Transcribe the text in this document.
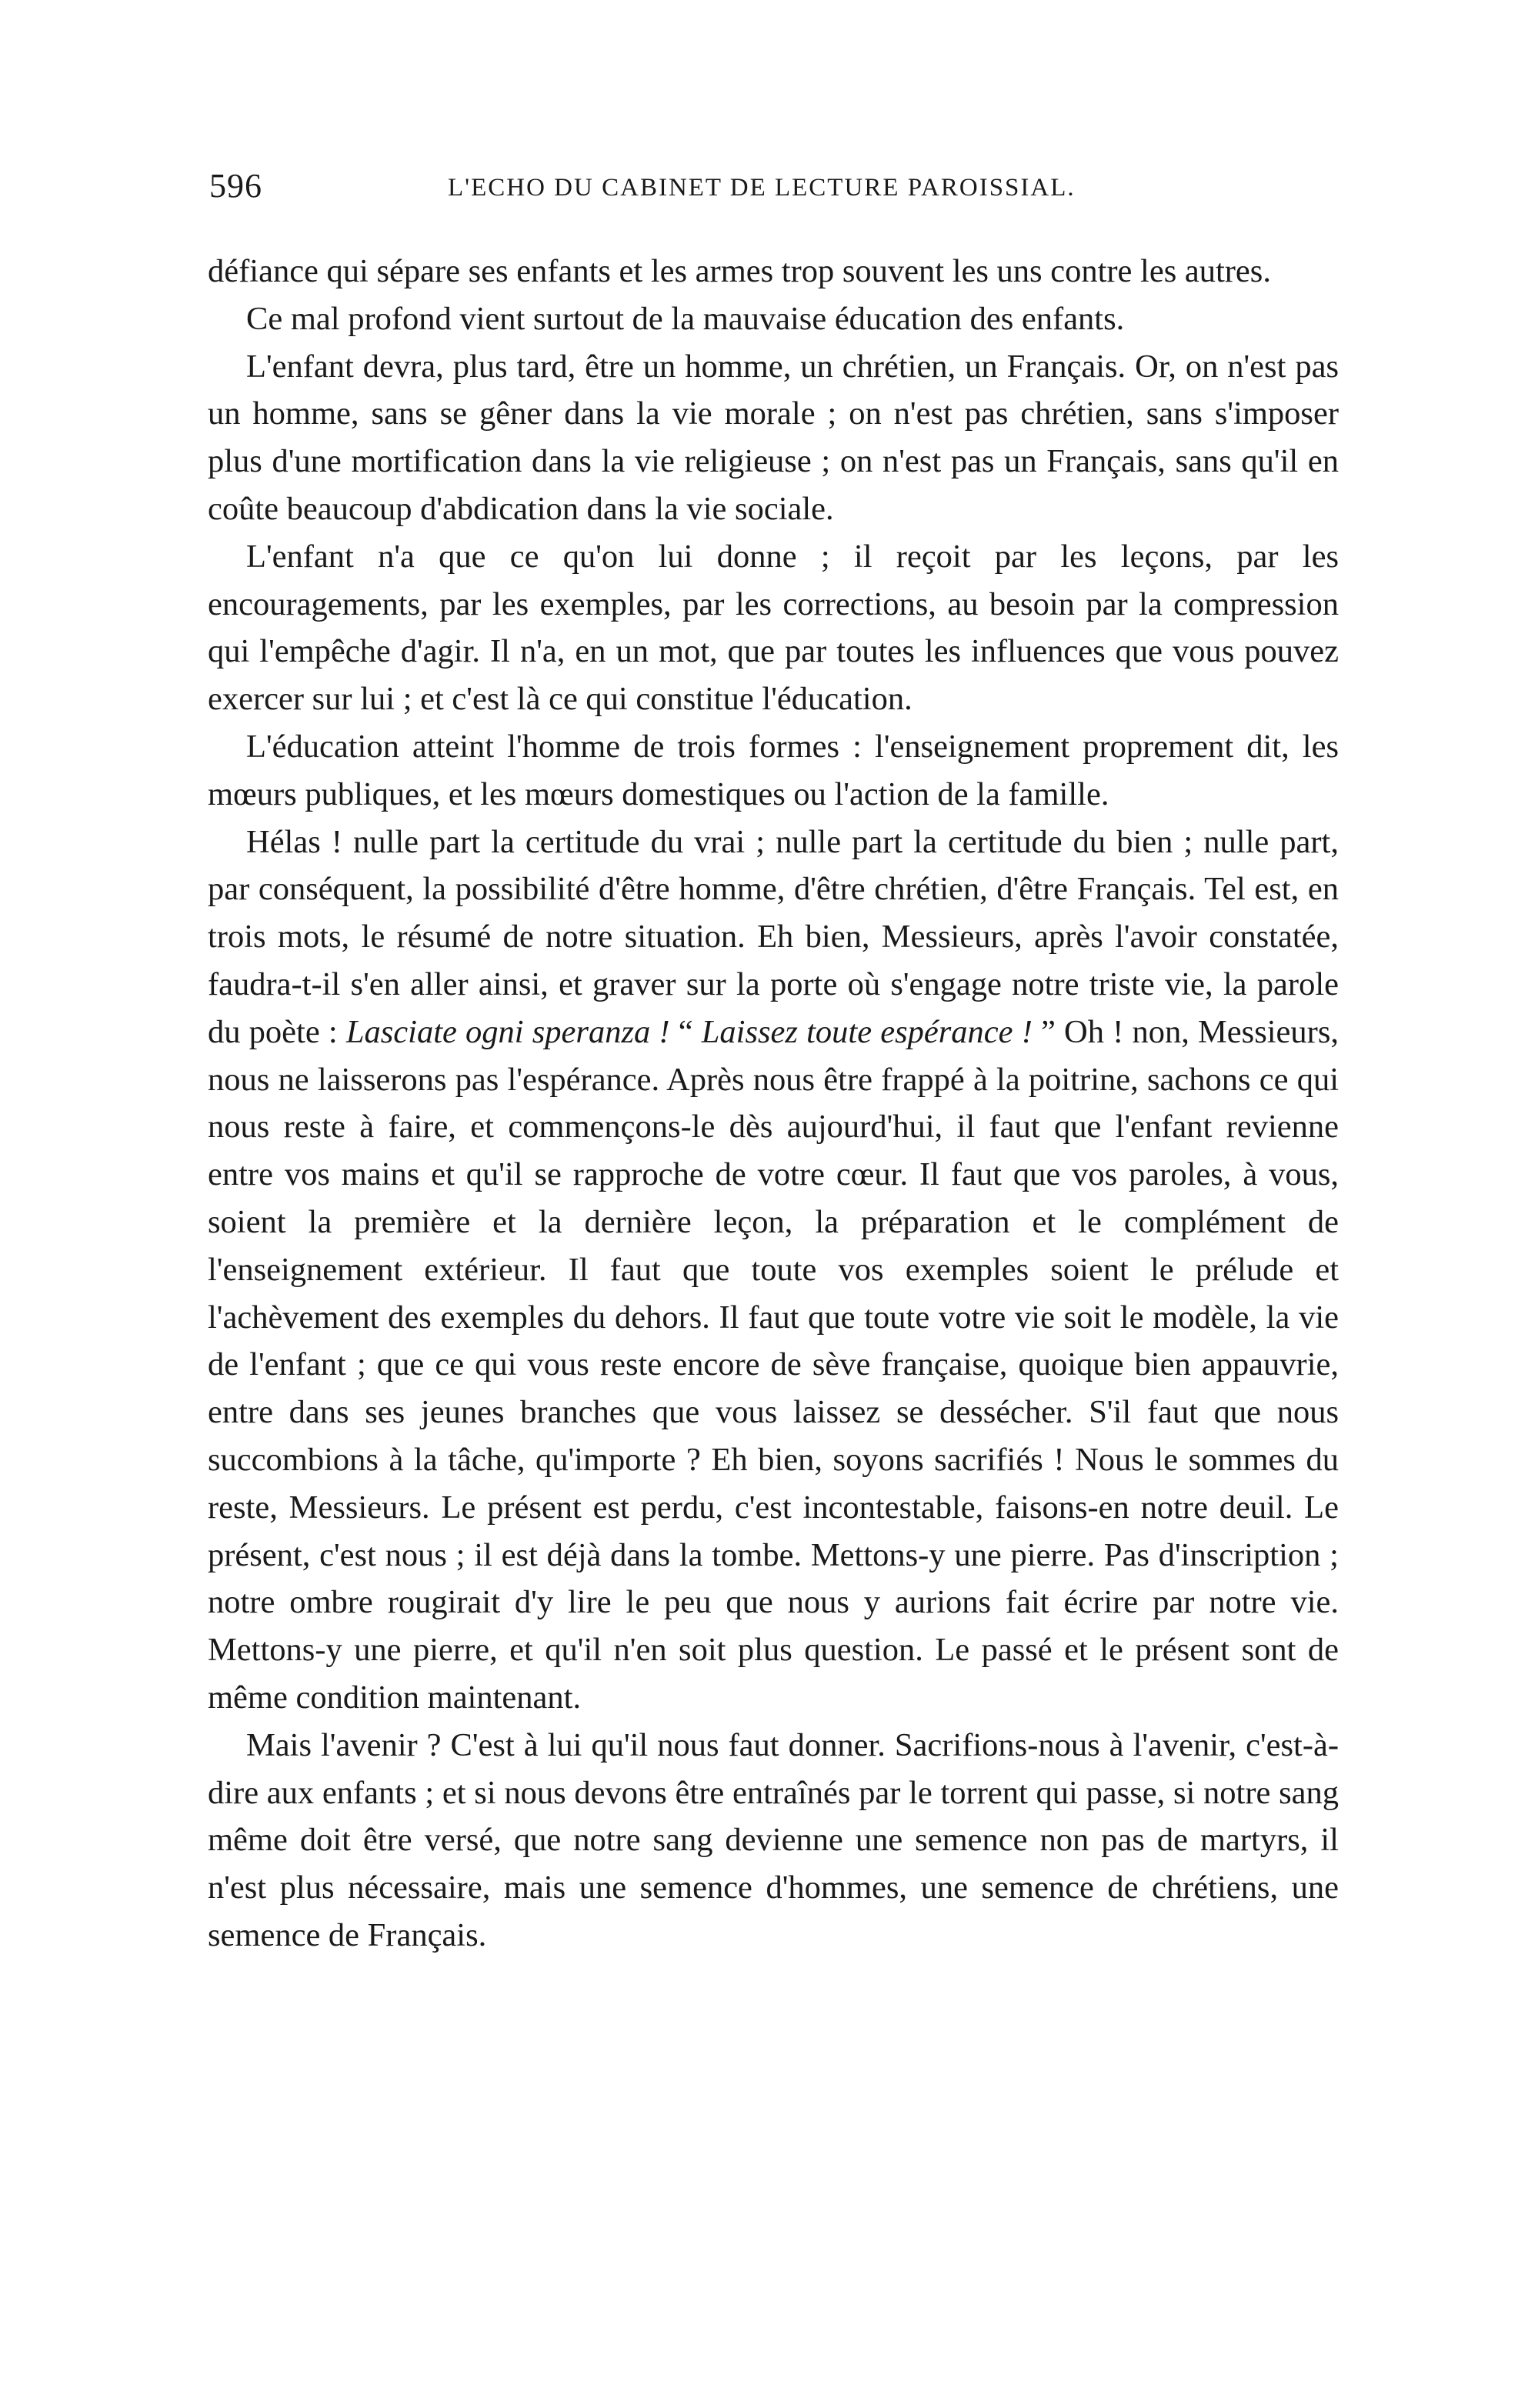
596	L'ECHO DU CABINET DE LECTURE PAROISSIAL.

défiance qui sépare ses enfants et les armes trop souvent les uns contre les autres.

Ce mal profond vient surtout de la mauvaise éducation des enfants.

L'enfant devra, plus tard, être un homme, un chrétien, un Français. Or, on n'est pas un homme, sans se gêner dans la vie morale ; on n'est pas chrétien, sans s'imposer plus d'une mortification dans la vie religieuse ; on n'est pas un Français, sans qu'il en coûte beaucoup d'abdication dans la vie sociale.

L'enfant n'a que ce qu'on lui donne ; il reçoit par les leçons, par les encouragements, par les exemples, par les corrections, au besoin par la compression qui l'empêche d'agir. Il n'a, en un mot, que par toutes les influences que vous pouvez exercer sur lui ; et c'est là ce qui constitue l'éducation.

L'éducation atteint l'homme de trois formes : l'enseignement proprement dit, les mœurs publiques, et les mœurs domestiques ou l'action de la famille.

Hélas ! nulle part la certitude du vrai ; nulle part la certitude du bien ; nulle part, par conséquent, la possibilité d'être homme, d'être chrétien, d'être Français. Tel est, en trois mots, le résumé de notre situation. Eh bien, Messieurs, après l'avoir constatée, faudra-t-il s'en aller ainsi, et graver sur la porte où s'engage notre triste vie, la parole du poète : Lasciate ogni speranza ! “ Laissez toute espérance ! ” Oh ! non, Messieurs, nous ne laisserons pas l'espérance. Après nous être frappé à la poitrine, sachons ce qui nous reste à faire, et commençons-le dès aujourd'hui, il faut que l'enfant revienne entre vos mains et qu'il se rapproche de votre cœur. Il faut que vos paroles, à vous, soient la première et la dernière leçon, la préparation et le complément de l'enseignement extérieur. Il faut que toute vos exemples soient le prélude et l'achèvement des exemples du dehors. Il faut que toute votre vie soit le modèle, la vie de l'enfant ; que ce qui vous reste encore de sève française, quoique bien appauvrie, entre dans ses jeunes branches que vous laissez se dessécher. S'il faut que nous succombions à la tâche, qu'importe ? Eh bien, soyons sacrifiés ! Nous le sommes du reste, Messieurs. Le présent est perdu, c'est incontestable, faisons-en notre deuil. Le présent, c'est nous ; il est déjà dans la tombe. Mettons-y une pierre. Pas d'inscription ; notre ombre rougirait d'y lire le peu que nous y aurions fait écrire par notre vie. Mettons-y une pierre, et qu'il n'en soit plus question. Le passé et le présent sont de même condition maintenant.

Mais l'avenir ? C'est à lui qu'il nous faut donner. Sacrifions-nous à l'avenir, c'est-à-dire aux enfants ; et si nous devons être entraînés par le torrent qui passe, si notre sang même doit être versé, que notre sang devienne une semence non pas de martyrs, il n'est plus nécessaire, mais une semence d'hommes, une semence de chrétiens, une semence de Français.
